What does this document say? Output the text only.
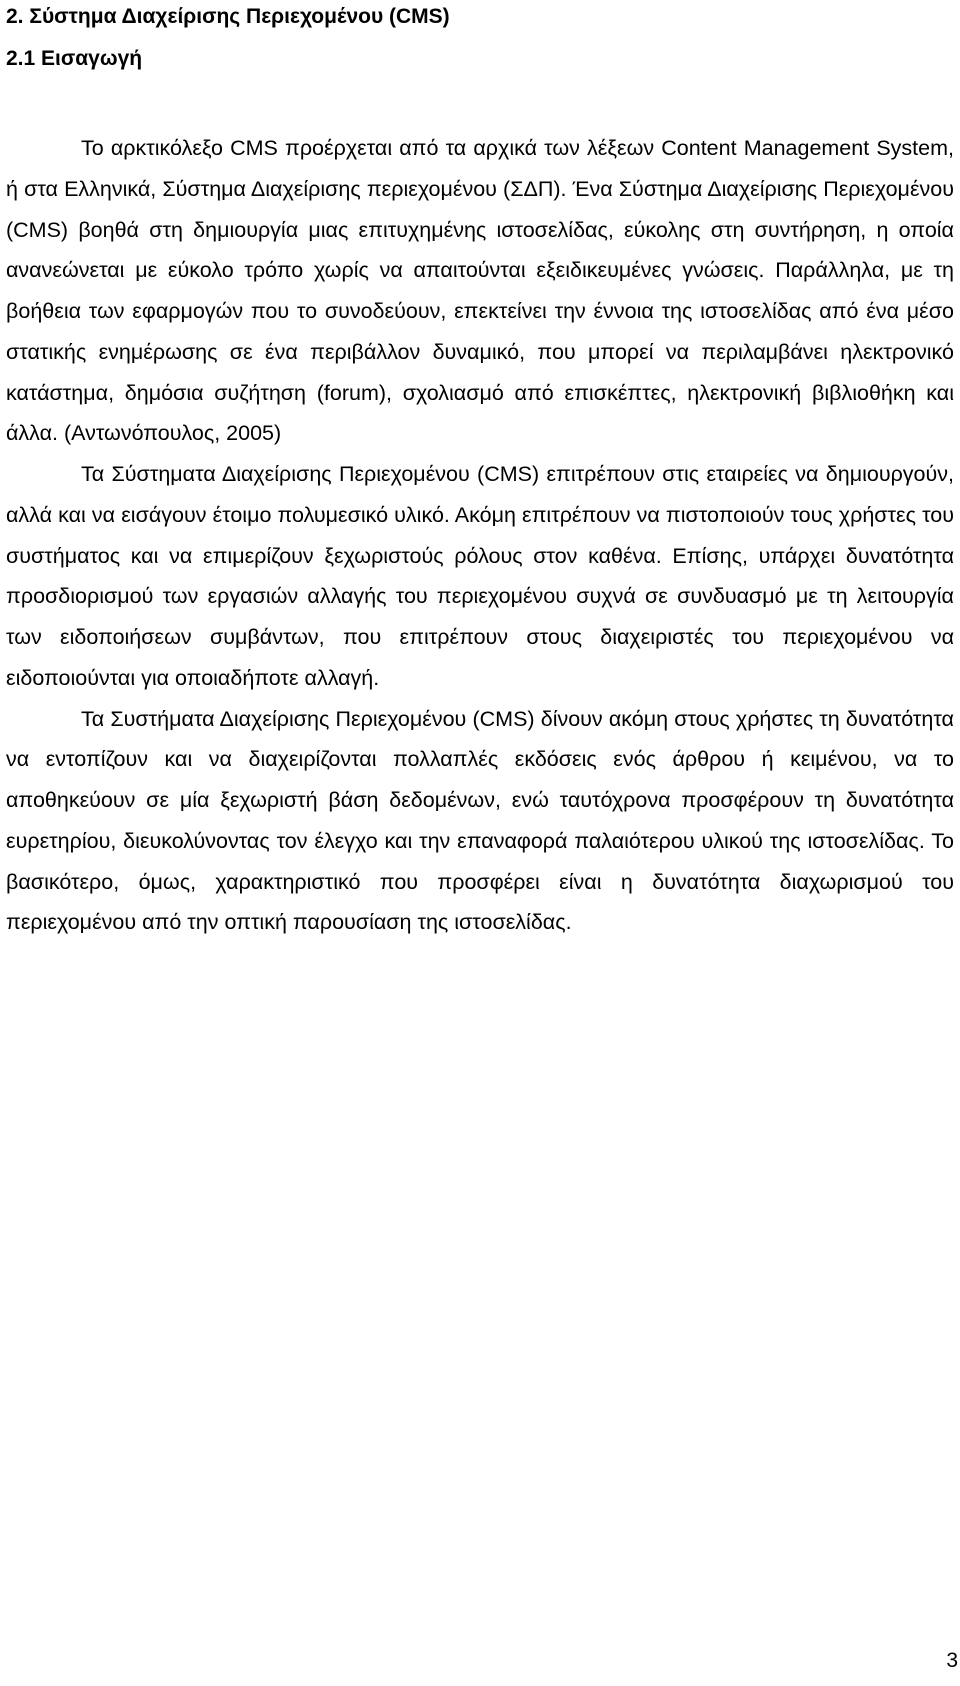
2. Σύστημα Διαχείρισης Περιεχομένου (CMS)
2.1 Εισαγωγή

Το αρκτικόλεξο CMS προέρχεται από τα αρχικά των λέξεων Content Management System, ή στα Ελληνικά, Σύστημα Διαχείρισης περιεχομένου (ΣΔΠ). Ένα Σύστημα Διαχείρισης Περιεχομένου (CMS) βοηθά στη δημιουργία μιας επιτυχημένης ιστοσελίδας, εύκολης στη συντήρηση, η οποία ανανεώνεται με εύκολο τρόπο χωρίς να απαιτούνται εξειδικευμένες γνώσεις. Παράλληλα, με τη βοήθεια των εφαρμογών που το συνοδεύουν, επεκτείνει την έννοια της ιστοσελίδας από ένα μέσο στατικής ενημέρωσης σε ένα περιβάλλον δυναμικό, που μπορεί να περιλαμβάνει ηλεκτρονικό κατάστημα, δημόσια συζήτηση (forum), σχολιασμό από επισκέπτες, ηλεκτρονική βιβλιοθήκη και άλλα. (Αντωνόπουλος, 2005)

Τα Σύστηματα Διαχείρισης Περιεχομένου (CMS) επιτρέπουν στις εταιρείες να δημιουργούν, αλλά και να εισάγουν έτοιμο πολυμεσικό υλικό. Ακόμη επιτρέπουν να πιστοποιούν τους χρήστες του συστήματος και να επιμερίζουν ξεχωριστούς ρόλους στον καθένα. Επίσης, υπάρχει δυνατότητα προσδιορισμού των εργασιών αλλαγής του περιεχομένου συχνά σε συνδυασμό με τη λειτουργία των ειδοποιήσεων συμβάντων, που επιτρέπουν στους διαχειριστές του περιεχομένου να ειδοποιούνται για οποιαδήποτε αλλαγή.

Τα Συστήματα Διαχείρισης Περιεχομένου (CMS) δίνουν ακόμη στους χρήστες τη δυνατότητα να εντοπίζουν και να διαχειρίζονται πολλαπλές εκδόσεις ενός άρθρου ή κειμένου, να το αποθηκεύουν σε μία ξεχωριστή βάση δεδομένων, ενώ ταυτόχρονα προσφέρουν τη δυνατότητα ευρετηρίου, διευκολύνοντας τον έλεγχο και την επαναφορά παλαιότερου υλικού της ιστοσελίδας. Το βασικότερο, όμως, χαρακτηριστικό που προσφέρει είναι η δυνατότητα διαχωρισμού του περιεχομένου από την οπτική παρουσίαση της ιστοσελίδας.

3
